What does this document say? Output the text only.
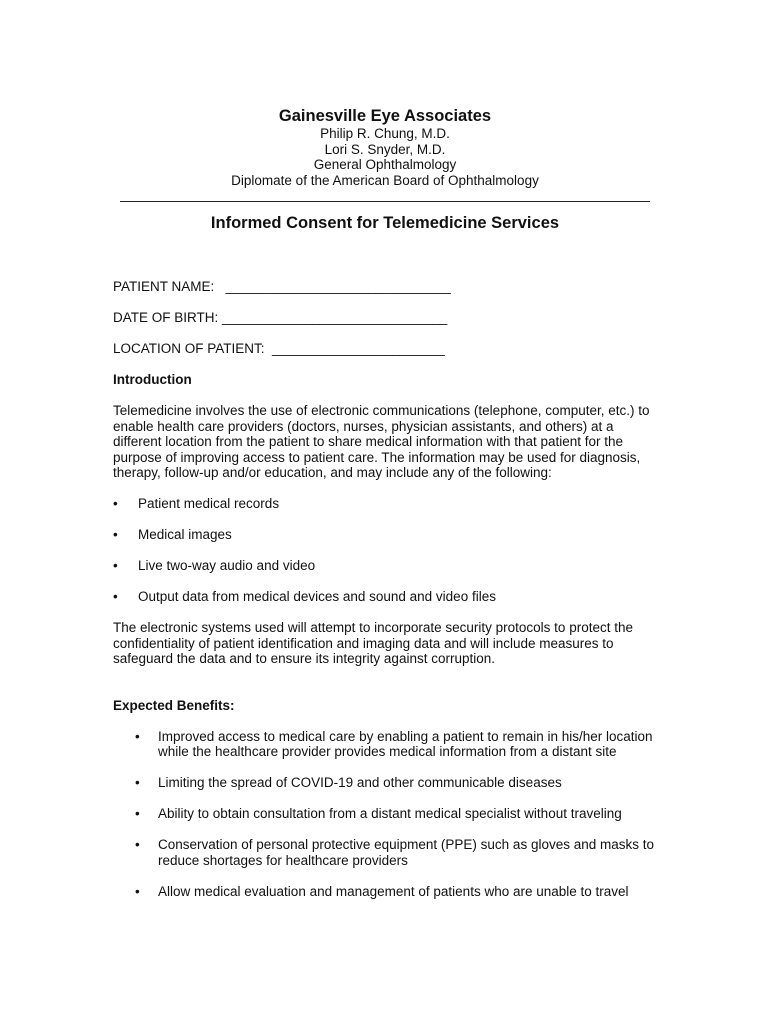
Gainesville Eye Associates

Philip R. Chung, M.D.

Lori S. Snyder, M.D.

General Ophthalmology

Diplomate of the American Board of Ophthalmology

Informed Consent for Telemedicine Services
PATIENT NAME:   ______________________________
DATE OF BIRTH: ______________________________
LOCATION OF PATIENT:  _______________________
Introduction

Telemedicine involves the use of electronic communications (telephone, computer, etc.) to enable health care providers (doctors, nurses, physician assistants, and others) at a different location from the patient to share medical information with that patient for the purpose of improving access to patient care. The information may be used for diagnosis, therapy, follow-up and/or education, and may include any of the following:

• Patient medical records
• Medical images
• Live two-way audio and video
• Output data from medical devices and sound and video files

The electronic systems used will attempt to incorporate security protocols to protect the confidentiality of patient identification and imaging data and will include measures to safeguard the data and to ensure its integrity against corruption.

Expected Benefits:
• Improved access to medical care by enabling a patient to remain in his/her location while the healthcare provider provides medical information from a distant site
• Limiting the spread of COVID-19 and other communicable diseases
• Ability to obtain consultation from a distant medical specialist without traveling
• Conservation of personal protective equipment (PPE) such as gloves and masks to reduce shortages for healthcare providers
• Allow medical evaluation and management of patients who are unable to travel
